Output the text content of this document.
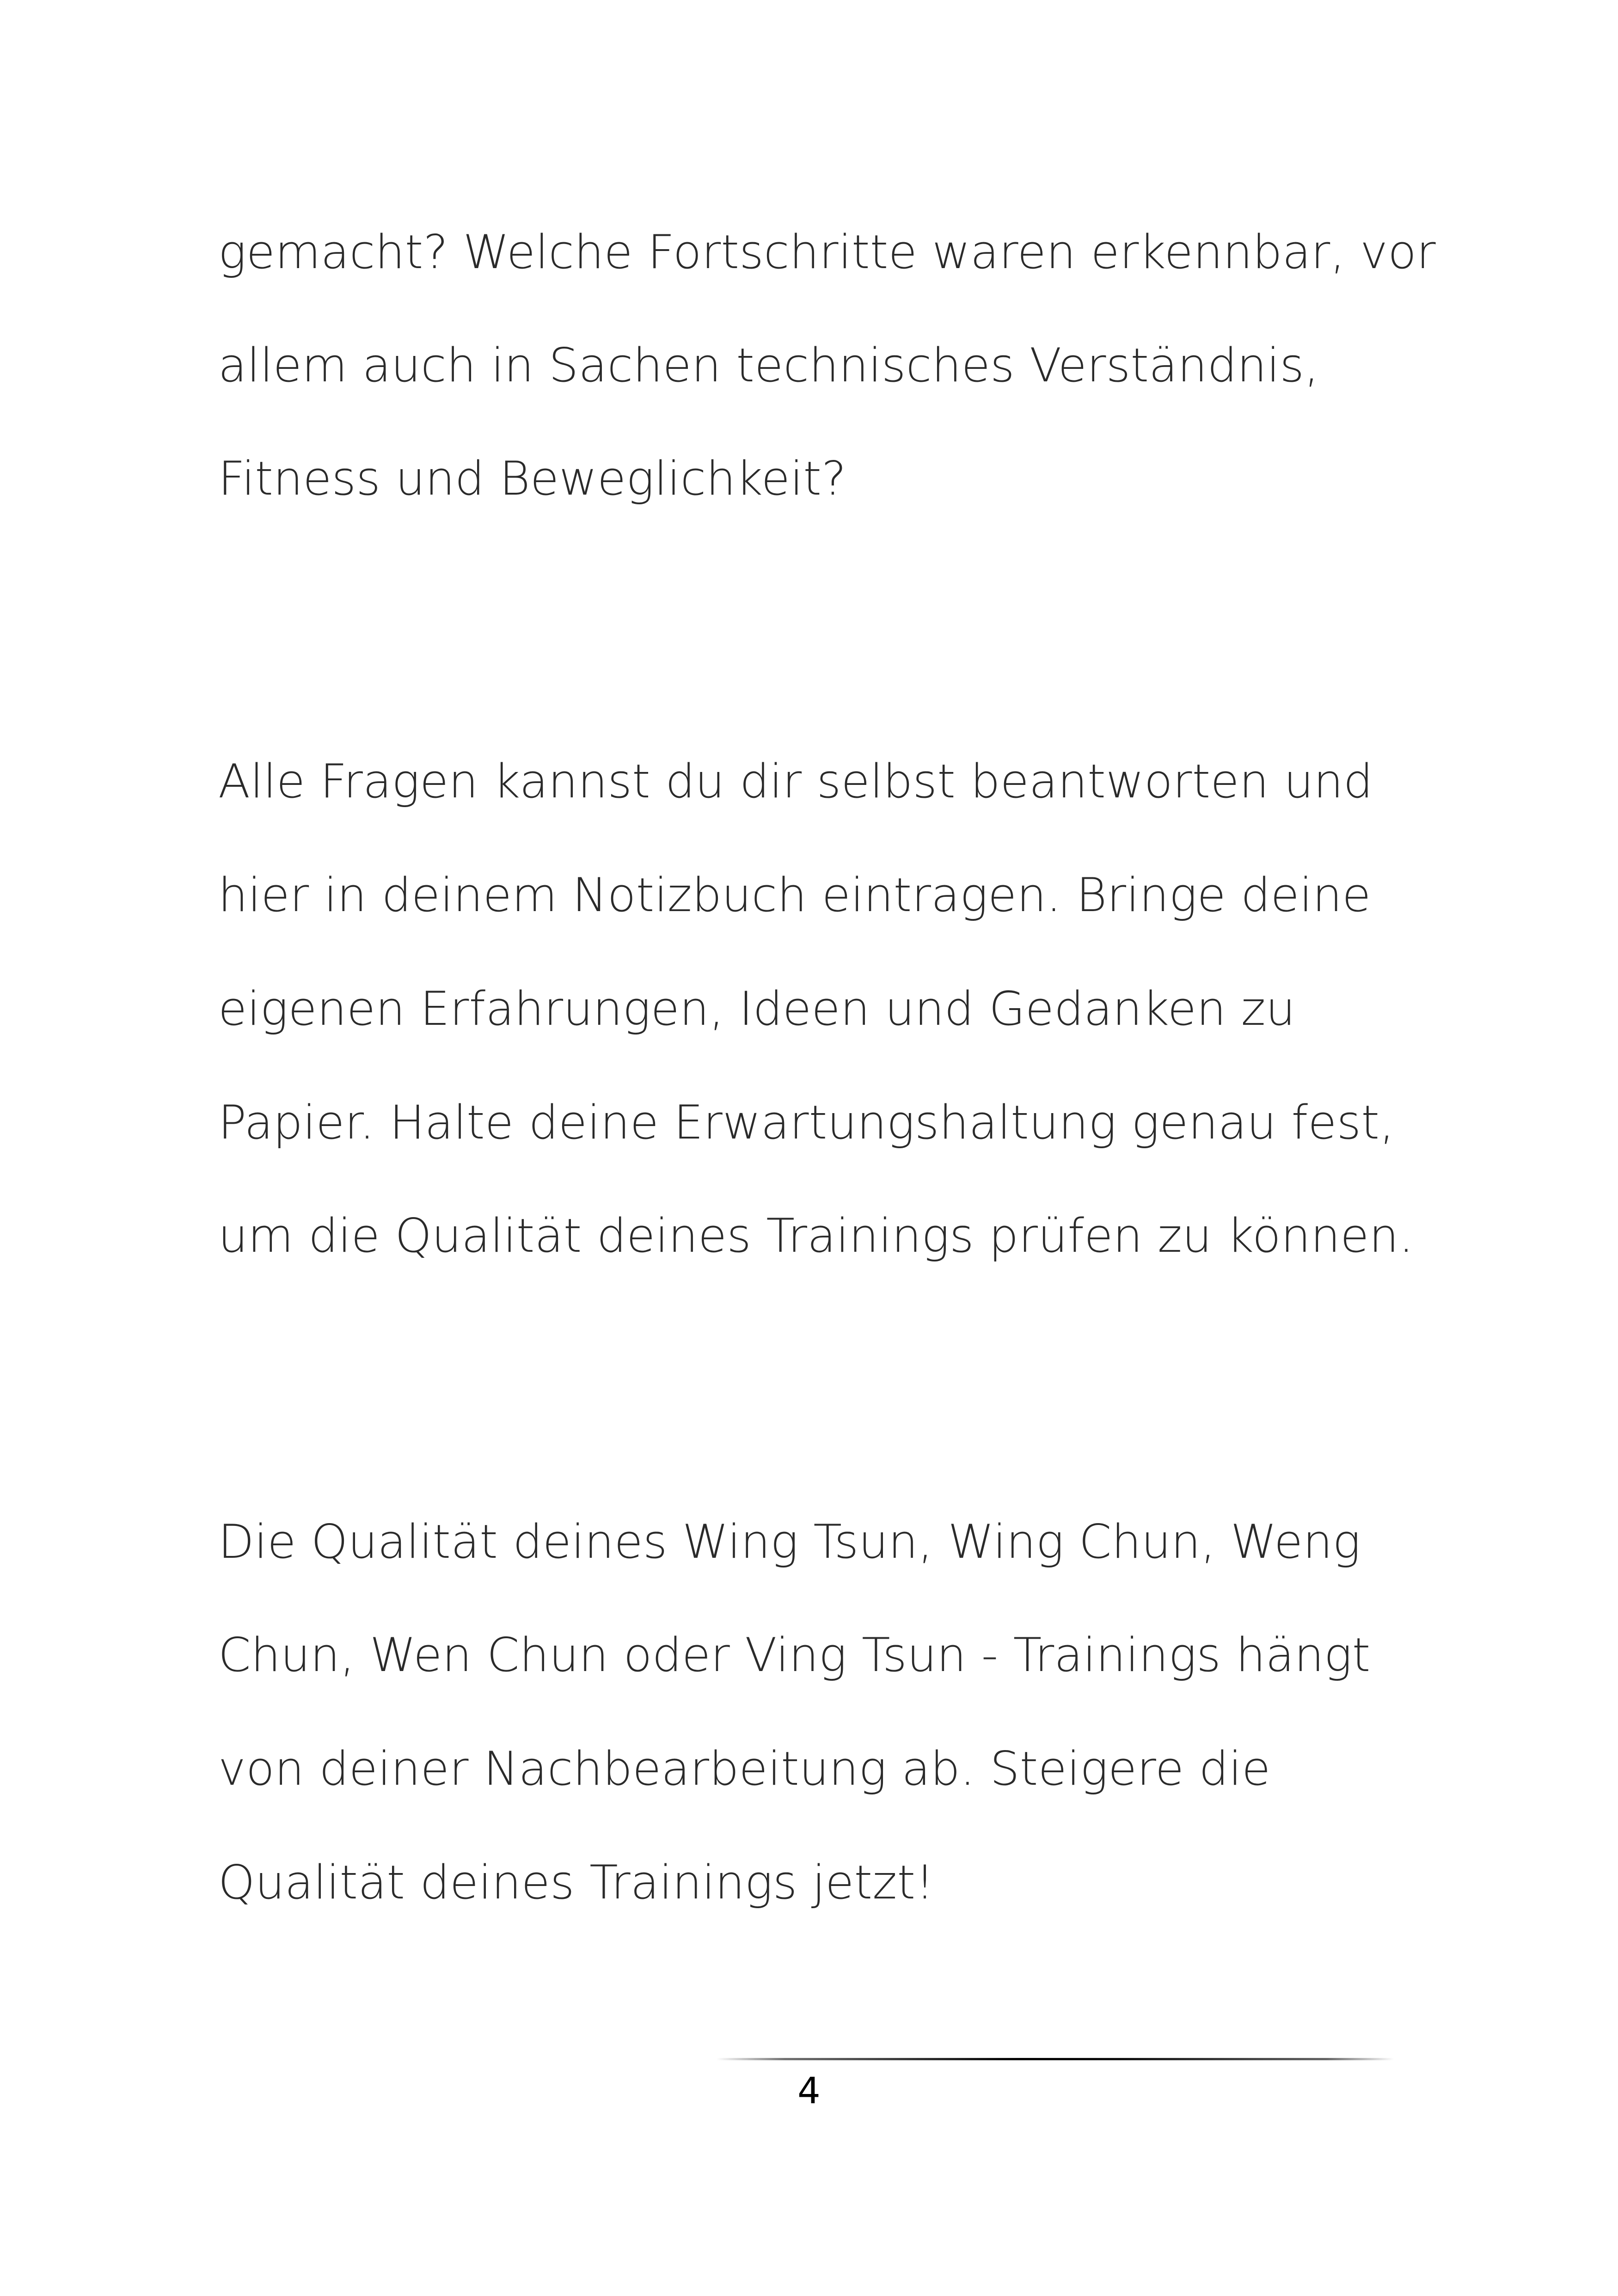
gemacht? Welche Fortschritte waren erkennbar, vor

allem auch in Sachen technisches Verständnis,

Fitness und Beweglichkeit?

Alle Fragen kannst du dir selbst beantworten und

hier in deinem Notizbuch eintragen. Bringe deine

eigenen Erfahrungen, Ideen und Gedanken zu

Papier. Halte deine Erwartungshaltung genau fest,

um die Qualität deines Trainings prüfen zu können.

Die Qualität deines Wing Tsun, Wing Chun, Weng

Chun, Wen Chun oder Ving Tsun - Trainings hängt

von deiner Nachbearbeitung ab. Steigere die

Qualität deines Trainings jetzt!

4
